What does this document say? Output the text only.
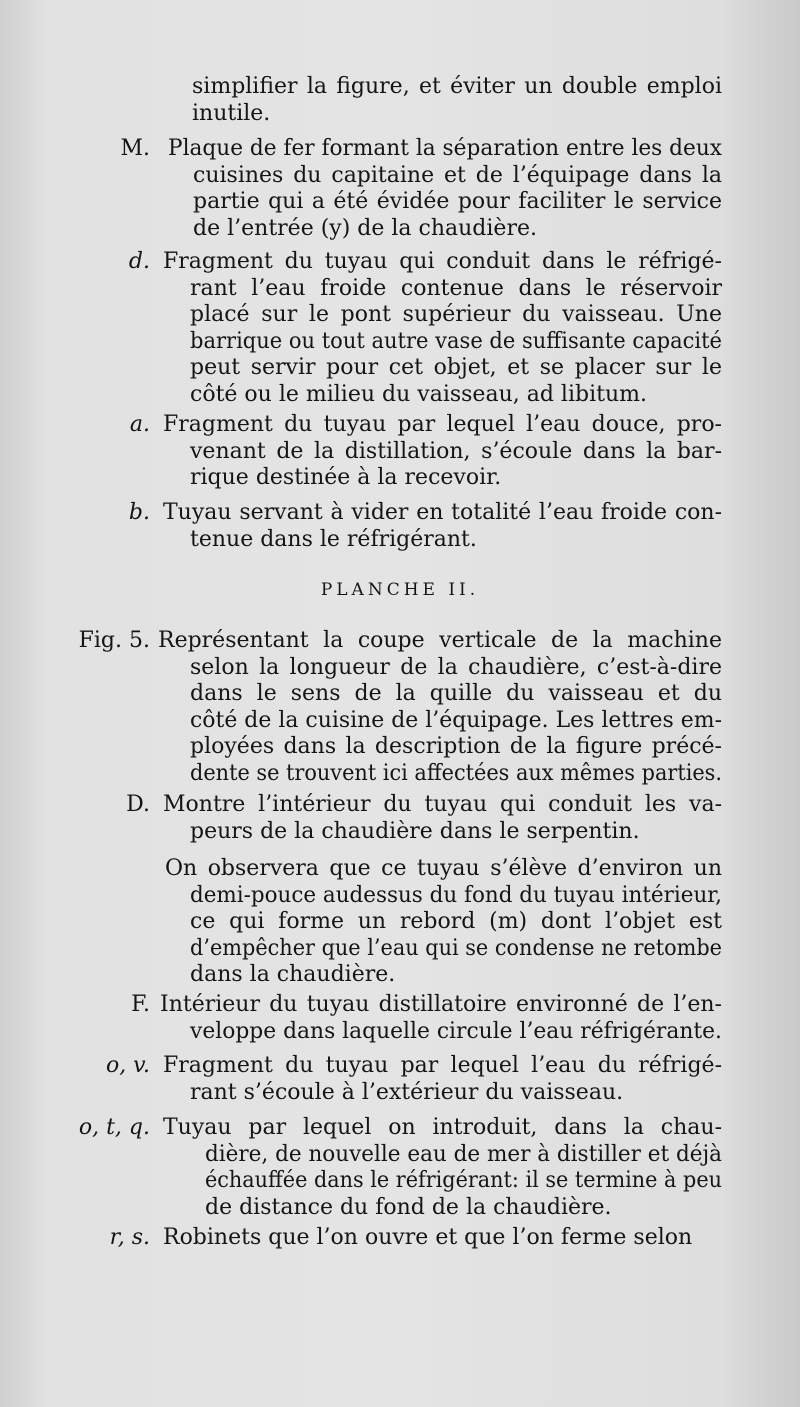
PLANCHE II.
simplifier la figure, et éviter un double emploi
inutile.
M. Plaque de fer formant la séparation entre les deux
cuisines du capitaine et de l’équipage dans la
partie qui a été évidée pour faciliter le service
de l’entrée (y) de la chaudière.
d. Fragment du tuyau qui conduit dans le réfrigé-
rant l’eau froide contenue dans le réservoir
placé sur le pont supérieur du vaisseau. Une
barrique ou tout autre vase de suffisante capacité
peut servir pour cet objet, et se placer sur le
côté ou le milieu du vaisseau, ad libitum.
a. Fragment du tuyau par lequel l’eau douce, pro-
venant de la distillation, s’écoule dans la bar-
rique destinée à la recevoir.
b. Tuyau servant à vider en totalité l’eau froide con-
tenue dans le réfrigérant.
Fig. 5. Représentant la coupe verticale de la machine
selon la longueur de la chaudière, c’est-à-dire
dans le sens de la quille du vaisseau et du
côté de la cuisine de l’équipage. Les lettres em-
ployées dans la description de la figure précé-
dente se trouvent ici affectées aux mêmes parties.
D. Montre l’intérieur du tuyau qui conduit les va-
peurs de la chaudière dans le serpentin.
On observera que ce tuyau s’élève d’environ un
demi-pouce audessus du fond du tuyau intérieur,
ce qui forme un rebord (m) dont l’objet est
d’empêcher que l’eau qui se condense ne retombe
dans la chaudière.
F. Intérieur du tuyau distillatoire environné de l’en-
veloppe dans laquelle circule l’eau réfrigérante.
o, v. Fragment du tuyau par lequel l’eau du réfrigé-
rant s’écoule à l’extérieur du vaisseau.
o, t, q. Tuyau par lequel on introduit, dans la chau-
dière, de nouvelle eau de mer à distiller et déjà
échauffée dans le réfrigérant: il se termine à peu
de distance du fond de la chaudière.
r, s. Robinets que l’on ouvre et que l’on ferme selon
